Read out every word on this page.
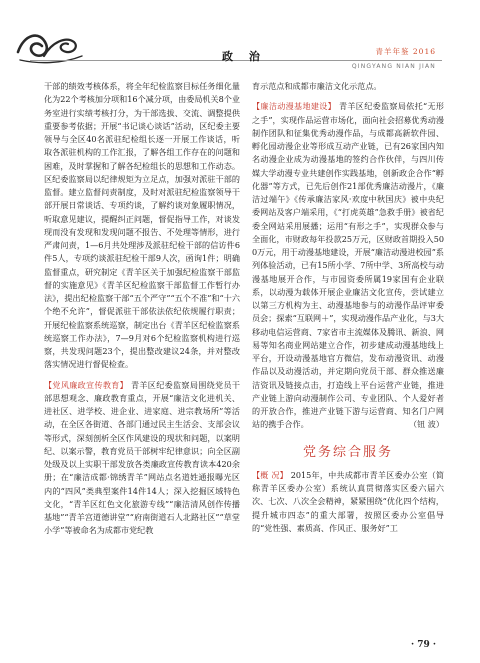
政 治	青羊年鉴 2016
QINGYANG NIAN JIAN

干部的绩效考核体系，将全年纪检监察目标任务细化量化为22个考核加分项和16个减分项，由委局机关8个业务室进行实绩考核打分，为干部选拔、交流、调整提供重要参考依据；开展“书记谈心谈话”活动，区纪委主要领导与全区40名派驻纪检组长逐一开展工作谈话，听取各派驻机构的工作汇报，了解各组工作存在的问题和困难，及时掌握和了解各纪检组长的思想和工作动态。区纪委监察局以纪律规矩为立足点，加强对派驻干部的监督。建立监督问责制度，及时对派驻纪检监察领导干部开展日常谈话、专项约谈，了解约谈对象履职情况，听取意见建议，提醒纠正问题，督促指导工作，对谈发现而没有发现和发现问题不报告、不处理等情形，进行严肃问责，1—6月共处理涉及派驻纪检干部的信访件6件5人，专项约谈派驻纪检干部9人次，函询1件；明确监督重点，研究制定《青羊区关于加强纪检监察干部监督的实施意见》《青羊区纪检监察干部监督工作暂行办法》，提出纪检监察干部“五个严守”“五个不准”和“十六个绝不允许”，督促派驻干部依法依纪依规履行职责；开展纪检监察系统巡察，制定出台《青羊区纪检监察系统巡察工作办法》，7—9月对6个纪检监察机构进行巡察，共发现问题23个，提出整改建议24条，并对整改落实情况进行督促检查。

【党风廉政宣传教育】 青羊区纪委监察局围绕党员干部思想观念、廉政教育重点，开展“廉洁文化进机关、进社区、进学校、进企业、进家庭、进宗教场所”等活动，在全区各街道、各部门通过民主生活会、支部会议等形式，深刻剖析全区作风建设的现状和问题，以案明纪、以案示警，教育党员干部树牢纪律意识；向全区副处级及以上实职干部发放各类廉政宣传教育读本420余册；在“廉洁成都·锦绣青羊”网站点名道姓通报曝光区内的“四风”类典型案件14件14人；深入挖掘区域特色文化，“青羊区红色文化旅游专线”“廉洁清风创作传播基地”“青羊宫道德讲堂”“府南街道石人北路社区”“草堂小学”等被命名为成都市党纪教

育示范点和成都市廉洁文化示范点。

【廉洁动漫基地建设】 青羊区纪委监察局依托“无形之手”，实现作品运营市场化，面向社会招募优秀动漫制作团队和征集优秀动漫作品，与成都高新软件园、孵化园动漫企业等形成互动产业链，已有26家国内知名动漫企业成为动漫基地的签约合作伙伴，与四川传媒大学动漫专业共建创作实践基地，创新政企合作“孵化器”等方式，已先后创作21部优秀廉洁动漫片，《廉洁过端午》《传承廉洁家风·欢度中秋国庆》被中央纪委网站及客户端采用，《“打虎英雄”急救手册》被省纪委全网站采用展播；运用“有形之手”，实现群众参与全面化，市财政每年投款25万元，区财政首期投入500万元，用于动漫基地建设，开展“廉洁动漫进校园”系列体验活动，已有15所小学、7所中学、3所高校与动漫基地展开合作，与市园资委所属19家国有企业联系，以动漫为载体开展企业廉洁文化宣传，尝试建立以第三方机构为主、动漫基地参与的动漫作品评审委员会；探索“互联网＋”，实现动漫作品产业化，与3大移动电信运营商、7家省市主流媒体及腾讯、新浪、网易等知名商业网站建立合作，初步建成动漫基地线上平台，开设动漫基地官方微信，发布动漫资讯、动漫作品以及动漫活动，并定期向党员干部、群众推送廉洁资讯及链接点击，打造线上平台运营产业链，推进产业链上游向动漫制作公司、专业团队、个人爱好者的开放合作，推进产业链下游与运营商、知名门户网站的携手合作。	（钮 波）

党务综合服务

【概 况】 2015年，中共成都市青羊区委办公室（简称青羊区委办公室）系统认真贯彻落实区委六届六次、七次、八次全会精神，紧紧围绕“优化四个结构，提升城市四态”的重大部署，按照区委办公室倡导的“党性强、素质高、作风正、服务好”工

· 79 ·
